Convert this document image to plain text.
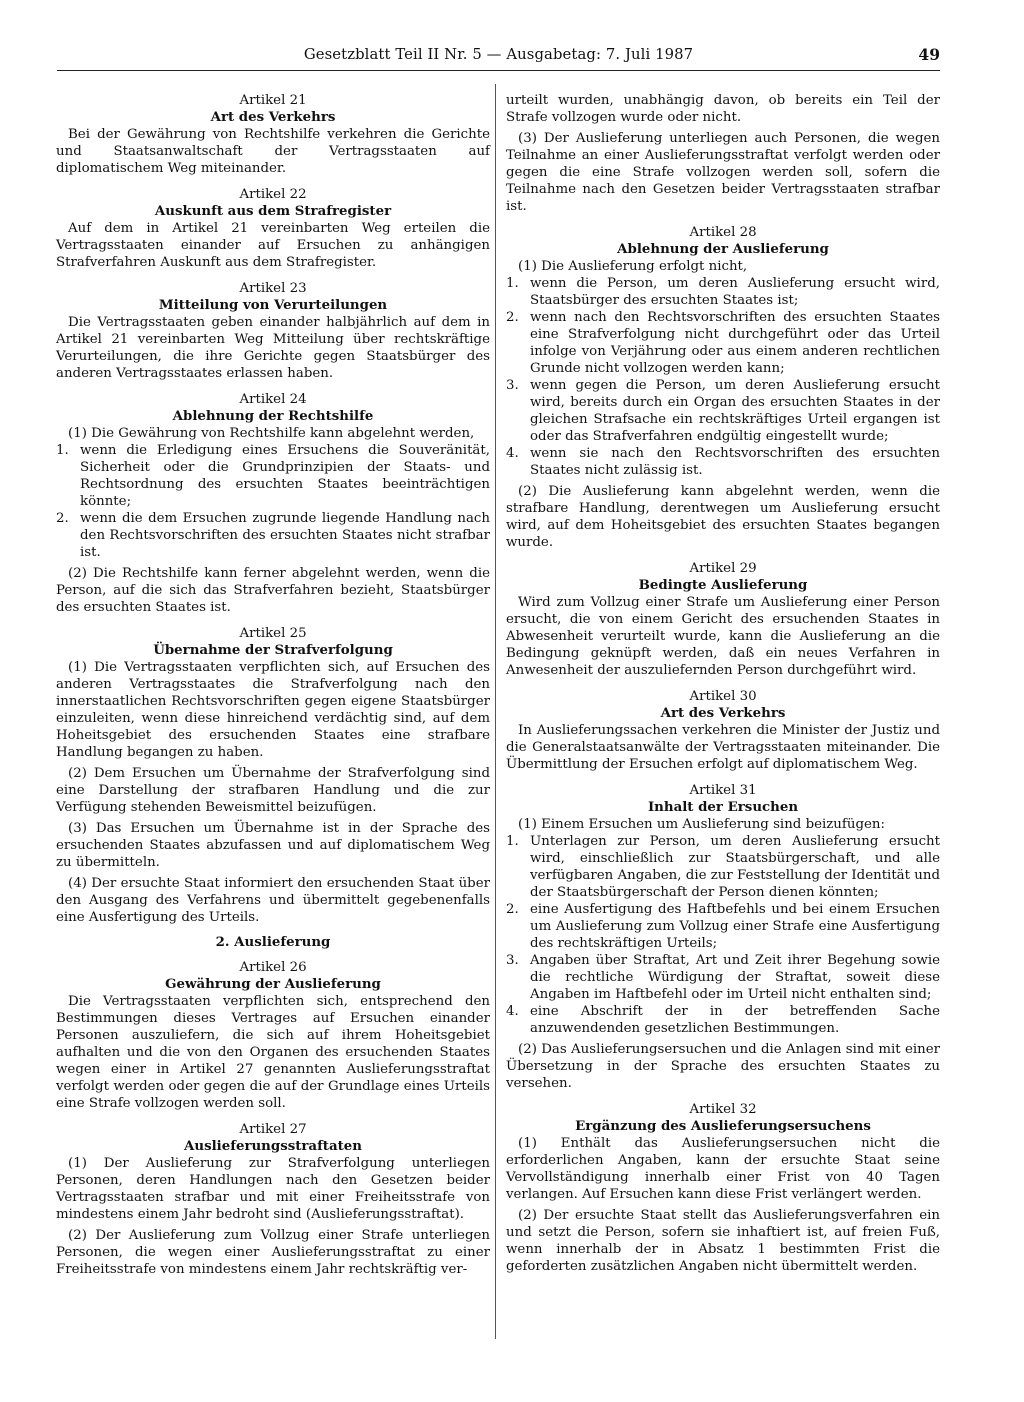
Gesetzblatt Teil II Nr. 5 — Ausgabetag: 7. Juli 1987	49
Artikel 21
Art des Verkehrs
Bei der Gewährung von Rechtshilfe verkehren die Gerichte und Staatsanwaltschaft der Vertragsstaaten auf diplomatischem Weg miteinander.
Artikel 22
Auskunft aus dem Strafregister
Auf dem in Artikel 21 vereinbarten Weg erteilen die Vertragsstaaten einander auf Ersuchen zu anhängigen Strafverfahren Auskunft aus dem Strafregister.
Artikel 23
Mitteilung von Verurteilungen
Die Vertragsstaaten geben einander halbjährlich auf dem in Artikel 21 vereinbarten Weg Mitteilung über rechtskräftige Verurteilungen, die ihre Gerichte gegen Staatsbürger des anderen Vertragsstaates erlassen haben.
Artikel 24
Ablehnung der Rechtshilfe
(1) Die Gewährung von Rechtshilfe kann abgelehnt werden,
1. wenn die Erledigung eines Ersuchens die Souveränität, Sicherheit oder die Grundprinzipien der Staats- und Rechtsordnung des ersuchten Staates beeinträchtigen könnte;
2. wenn die dem Ersuchen zugrunde liegende Handlung nach den Rechtsvorschriften des ersuchten Staates nicht strafbar ist.
(2) Die Rechtshilfe kann ferner abgelehnt werden, wenn die Person, auf die sich das Strafverfahren bezieht, Staatsbürger des ersuchten Staates ist.
Artikel 25
Übernahme der Strafverfolgung
(1) Die Vertragsstaaten verpflichten sich, auf Ersuchen des anderen Vertragsstaates die Strafverfolgung nach den innerstaatlichen Rechtsvorschriften gegen eigene Staatsbürger einzuleiten, wenn diese hinreichend verdächtig sind, auf dem Hoheitsgebiet des ersuchenden Staates eine strafbare Handlung begangen zu haben.
(2) Dem Ersuchen um Übernahme der Strafverfolgung sind eine Darstellung der strafbaren Handlung und die zur Verfügung stehenden Beweismittel beizufügen.
(3) Das Ersuchen um Übernahme ist in der Sprache des ersuchenden Staates abzufassen und auf diplomatischem Weg zu übermitteln.
(4) Der ersuchte Staat informiert den ersuchenden Staat über den Ausgang des Verfahrens und übermittelt gegebenenfalls eine Ausfertigung des Urteils.
2. Auslieferung
Artikel 26
Gewährung der Auslieferung
Die Vertragsstaaten verpflichten sich, entsprechend den Bestimmungen dieses Vertrages auf Ersuchen einander Personen auszuliefern, die sich auf ihrem Hoheitsgebiet aufhalten und die von den Organen des ersuchenden Staates wegen einer in Artikel 27 genannten Auslieferungsstraftat verfolgt werden oder gegen die auf der Grundlage eines Urteils eine Strafe vollzogen werden soll.
Artikel 27
Auslieferungsstraftaten
(1) Der Auslieferung zur Strafverfolgung unterliegen Personen, deren Handlungen nach den Gesetzen beider Vertragsstaaten strafbar und mit einer Freiheitsstrafe von mindestens einem Jahr bedroht sind (Auslieferungsstraftat).
(2) Der Auslieferung zum Vollzug einer Strafe unterliegen Personen, die wegen einer Auslieferungsstraftat zu einer Freiheitsstrafe von mindestens einem Jahr rechtskräftig ver-
urteilt wurden, unabhängig davon, ob bereits ein Teil der Strafe vollzogen wurde oder nicht.
(3) Der Auslieferung unterliegen auch Personen, die wegen Teilnahme an einer Auslieferungsstraftat verfolgt werden oder gegen die eine Strafe vollzogen werden soll, sofern die Teilnahme nach den Gesetzen beider Vertragsstaaten strafbar ist.
Artikel 28
Ablehnung der Auslieferung
(1) Die Auslieferung erfolgt nicht,
1. wenn die Person, um deren Auslieferung ersucht wird, Staatsbürger des ersuchten Staates ist;
2. wenn nach den Rechtsvorschriften des ersuchten Staates eine Strafverfolgung nicht durchgeführt oder das Urteil infolge von Verjährung oder aus einem anderen rechtlichen Grunde nicht vollzogen werden kann;
3. wenn gegen die Person, um deren Auslieferung ersucht wird, bereits durch ein Organ des ersuchten Staates in der gleichen Strafsache ein rechtskräftiges Urteil ergangen ist oder das Strafverfahren endgültig eingestellt wurde;
4. wenn sie nach den Rechtsvorschriften des ersuchten Staates nicht zulässig ist.
(2) Die Auslieferung kann abgelehnt werden, wenn die strafbare Handlung, derentwegen um Auslieferung ersucht wird, auf dem Hoheitsgebiet des ersuchten Staates begangen wurde.
Artikel 29
Bedingte Auslieferung
Wird zum Vollzug einer Strafe um Auslieferung einer Person ersucht, die von einem Gericht des ersuchenden Staates in Abwesenheit verurteilt wurde, kann die Auslieferung an die Bedingung geknüpft werden, daß ein neues Verfahren in Anwesenheit der auszuliefernden Person durchgeführt wird.
Artikel 30
Art des Verkehrs
In Auslieferungssachen verkehren die Minister der Justiz und die Generalstaatsanwälte der Vertragsstaaten miteinander. Die Übermittlung der Ersuchen erfolgt auf diplomatischem Weg.
Artikel 31
Inhalt der Ersuchen
(1) Einem Ersuchen um Auslieferung sind beizufügen:
1. Unterlagen zur Person, um deren Auslieferung ersucht wird, einschließlich zur Staatsbürgerschaft, und alle verfügbaren Angaben, die zur Feststellung der Identität und der Staatsbürgerschaft der Person dienen könnten;
2. eine Ausfertigung des Haftbefehls und bei einem Ersuchen um Auslieferung zum Vollzug einer Strafe eine Ausfertigung des rechtskräftigen Urteils;
3. Angaben über Straftat, Art und Zeit ihrer Begehung sowie die rechtliche Würdigung der Straftat, soweit diese Angaben im Haftbefehl oder im Urteil nicht enthalten sind;
4. eine Abschrift der in der betreffenden Sache anzuwendenden gesetzlichen Bestimmungen.
(2) Das Auslieferungsersuchen und die Anlagen sind mit einer Übersetzung in der Sprache des ersuchten Staates zu versehen.
Artikel 32
Ergänzung des Auslieferungsersuchens
(1) Enthält das Auslieferungsersuchen nicht die erforderlichen Angaben, kann der ersuchte Staat seine Vervollständigung innerhalb einer Frist von 40 Tagen verlangen. Auf Ersuchen kann diese Frist verlängert werden.
(2) Der ersuchte Staat stellt das Auslieferungsverfahren ein und setzt die Person, sofern sie inhaftiert ist, auf freien Fuß, wenn innerhalb der in Absatz 1 bestimmten Frist die geforderten zusätzlichen Angaben nicht übermittelt werden.
